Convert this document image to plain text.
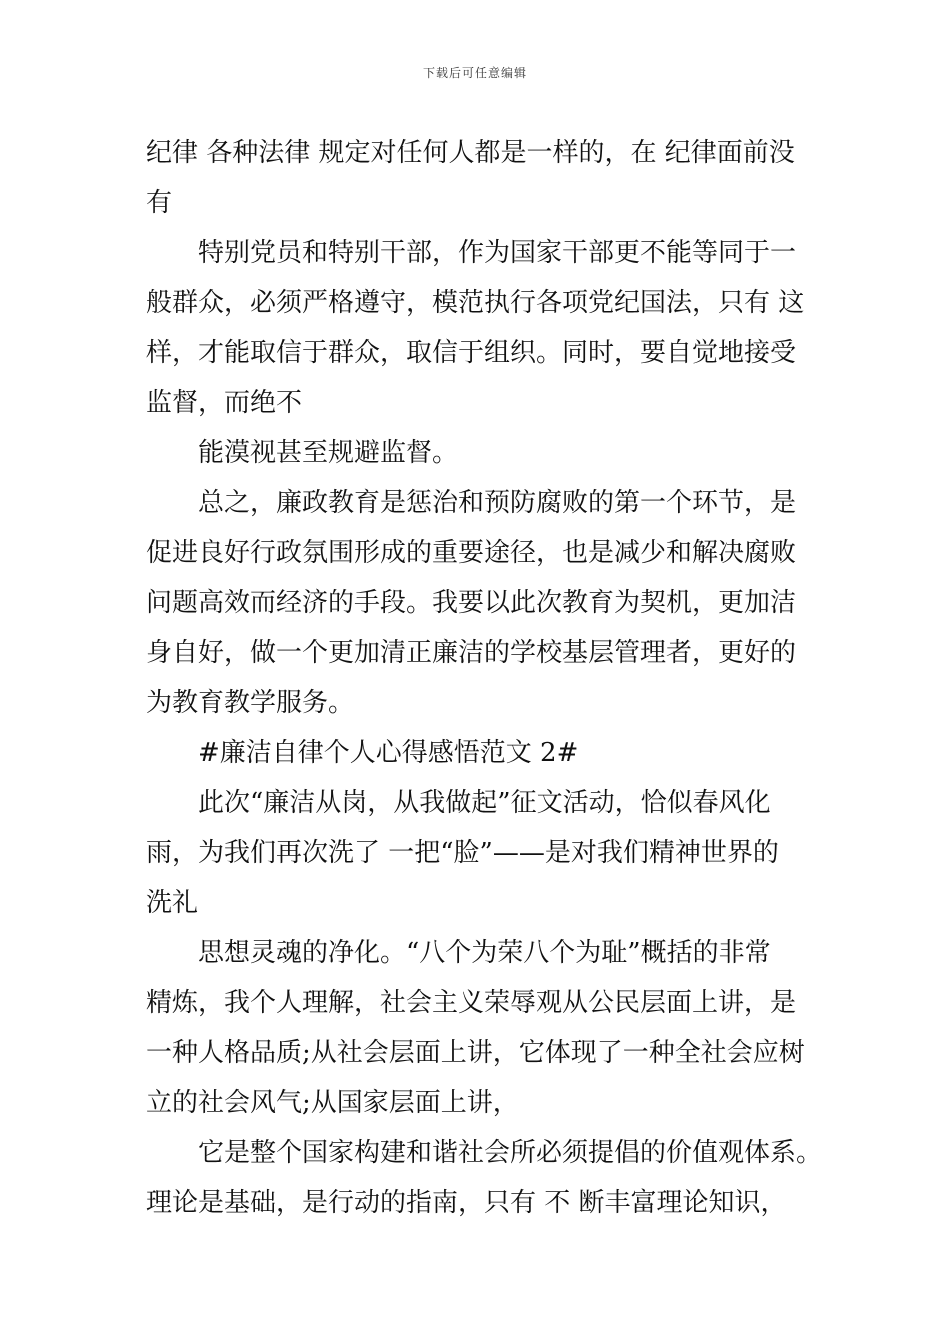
下载后可任意编辑
纪律 各种法律 规定对任何人都是一样的，在 纪律面前没
有
特别党员和特别干部，作为国家干部更不能等同于一
般群众，必须严格遵守，模范执行各项党纪国法，只有 这
样，才能取信于群众，取信于组织。同时，要自觉地接受
监督，而绝不
能漠视甚至规避监督。
总之，廉政教育是惩治和预防腐败的第一个环节，是
促进良好行政氛围形成的重要途径，也是减少和解决腐败
问题高效而经济的手段。我要以此次教育为契机，更加洁
身自好，做一个更加清正廉洁的学校基层管理者，更好的
为教育教学服务。
#廉洁自律个人心得感悟范文 2#
此次“廉洁从岗，从我做起”征文活动，恰似春风化
雨，为我们再次洗了 一把“脸”——是对我们精神世界的
洗礼
思想灵魂的净化。“八个为荣八个为耻”概括的非常
精炼，我个人理解，社会主义荣辱观从公民层面上讲，是
一种人格品质;从社会层面上讲，它体现了一种全社会应树
立的社会风气;从国家层面上讲，
它是整个国家构建和谐社会所必须提倡的价值观体系。
理论是基础，是行动的指南，只有 不 断丰富理论知识，
